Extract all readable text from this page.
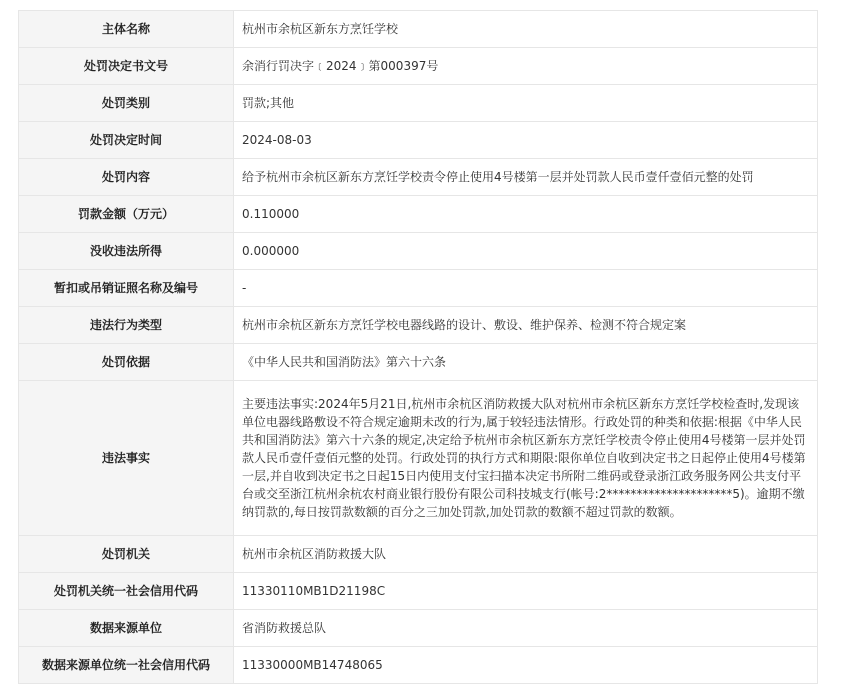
主体名称	杭州市余杭区新东方烹饪学校
处罚决定书文号	余消行罚决字﹝2024﹞第000397号
处罚类别	罚款;其他
处罚决定时间	2024-08-03
处罚内容	给予杭州市余杭区新东方烹饪学校责令停止使用4号楼第一层并处罚款人民币壹仟壹佰元整的处罚
罚款金额（万元）	0.110000
没收违法所得	0.000000
暂扣或吊销证照名称及编号	-
违法行为类型	杭州市余杭区新东方烹饪学校电器线路的设计、敷设、维护保养、检测不符合规定案
处罚依据	《中华人民共和国消防法》第六十六条
违法事实	主要违法事实:2024年5月21日,杭州市余杭区消防救援大队对杭州市余杭区新东方烹饪学校检查时,发现该单位电器线路敷设不符合规定逾期未改的行为,属于较轻违法情形。行政处罚的种类和依据:根据《中华人民共和国消防法》第六十六条的规定,决定给予杭州市余杭区新东方烹饪学校责令停止使用4号楼第一层并处罚款人民币壹仟壹佰元整的处罚。行政处罚的执行方式和期限:限你单位自收到决定书之日起停止使用4号楼第一层,并自收到决定书之日起15日内使用支付宝扫描本决定书所附二维码或登录浙江政务服务网公共支付平台或交至浙江杭州余杭农村商业银行股份有限公司科技城支行(帐号:2*********************5)。逾期不缴纳罚款的,每日按罚款数额的百分之三加处罚款,加处罚款的数额不超过罚款的数额。
处罚机关	杭州市余杭区消防救援大队
处罚机关统一社会信用代码	11330110MB1D21198C
数据来源单位	省消防救援总队
数据来源单位统一社会信用代码	11330000MB14748065
